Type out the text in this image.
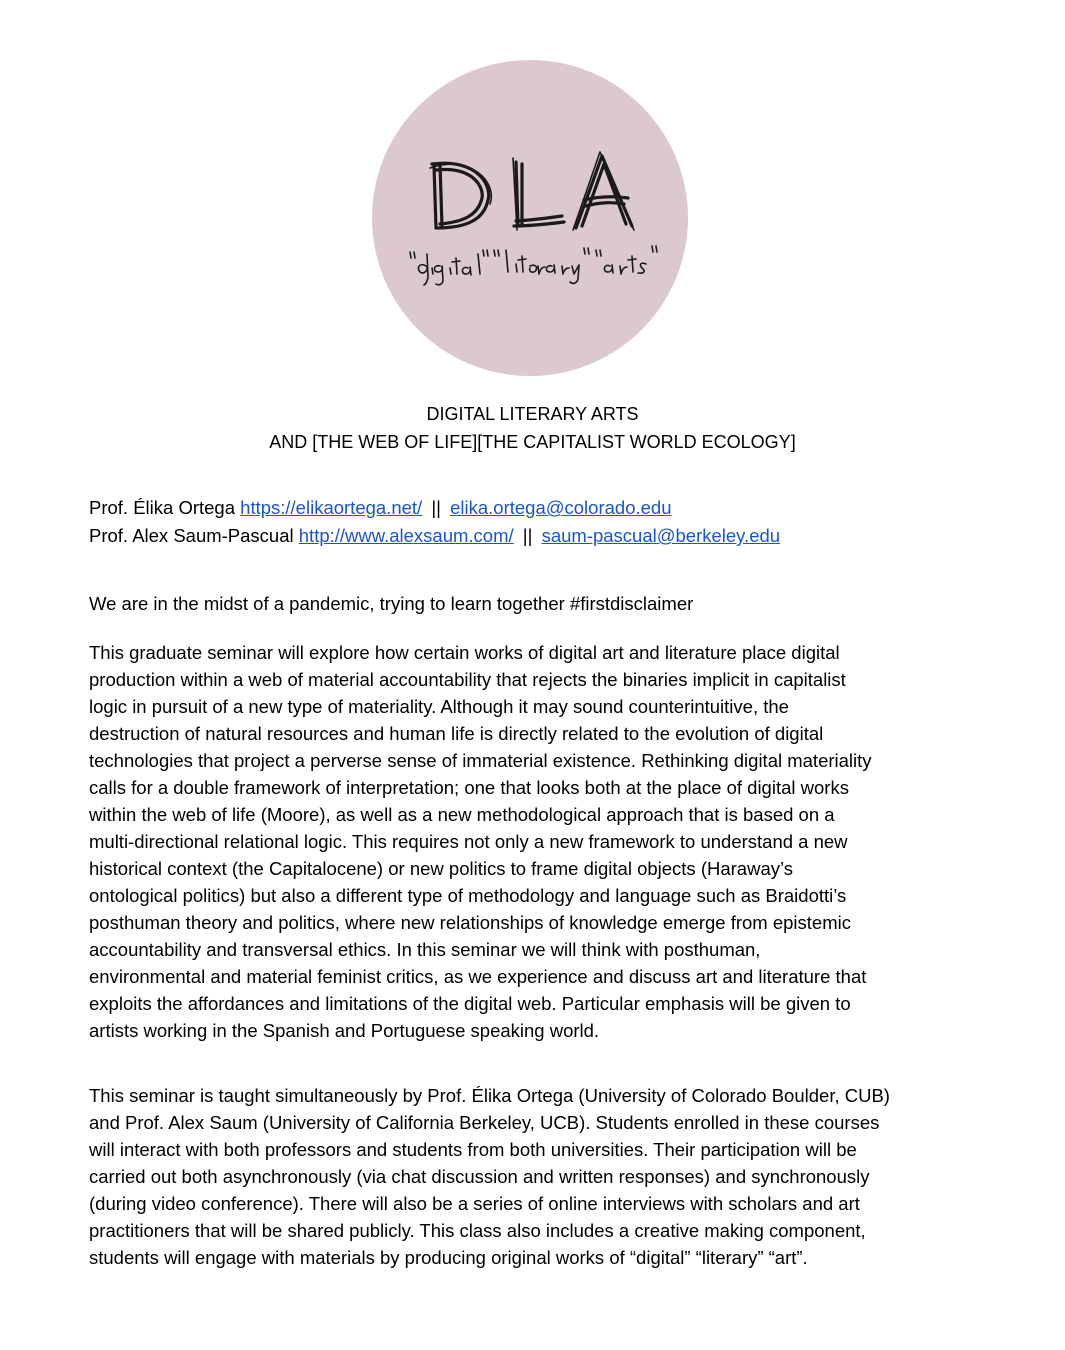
DIGITAL LITERARY ARTS
AND [THE WEB OF LIFE][THE CAPITALIST WORLD ECOLOGY]
Prof. Élika Ortega https://elikaortega.net/ || elika.ortega@colorado.edu
Prof. Alex Saum-Pascual http://www.alexsaum.com/ || saum-pascual@berkeley.edu
We are in the midst of a pandemic, trying to learn together #firstdisclaimer
This graduate seminar will explore how certain works of digital art and literature place digital
production within a web of material accountability that rejects the binaries implicit in capitalist
logic in pursuit of a new type of materiality. Although it may sound counterintuitive, the
destruction of natural resources and human life is directly related to the evolution of digital
technologies that project a perverse sense of immaterial existence. Rethinking digital materiality
calls for a double framework of interpretation; one that looks both at the place of digital works
within the web of life (Moore), as well as a new methodological approach that is based on a
multi-directional relational logic. This requires not only a new framework to understand a new
historical context (the Capitalocene) or new politics to frame digital objects (Haraway’s
ontological politics) but also a different type of methodology and language such as Braidotti’s
posthuman theory and politics, where new relationships of knowledge emerge from epistemic
accountability and transversal ethics. In this seminar we will think with posthuman,
environmental and material feminist critics, as we experience and discuss art and literature that
exploits the affordances and limitations of the digital web. Particular emphasis will be given to
artists working in the Spanish and Portuguese speaking world.
This seminar is taught simultaneously by Prof. Élika Ortega (University of Colorado Boulder, CUB)
and Prof. Alex Saum (University of California Berkeley, UCB). Students enrolled in these courses
will interact with both professors and students from both universities. Their participation will be
carried out both asynchronously (via chat discussion and written responses) and synchronously
(during video conference). There will also be a series of online interviews with scholars and art
practitioners that will be shared publicly. This class also includes a creative making component,
students will engage with materials by producing original works of “digital” “literary” “art”.
